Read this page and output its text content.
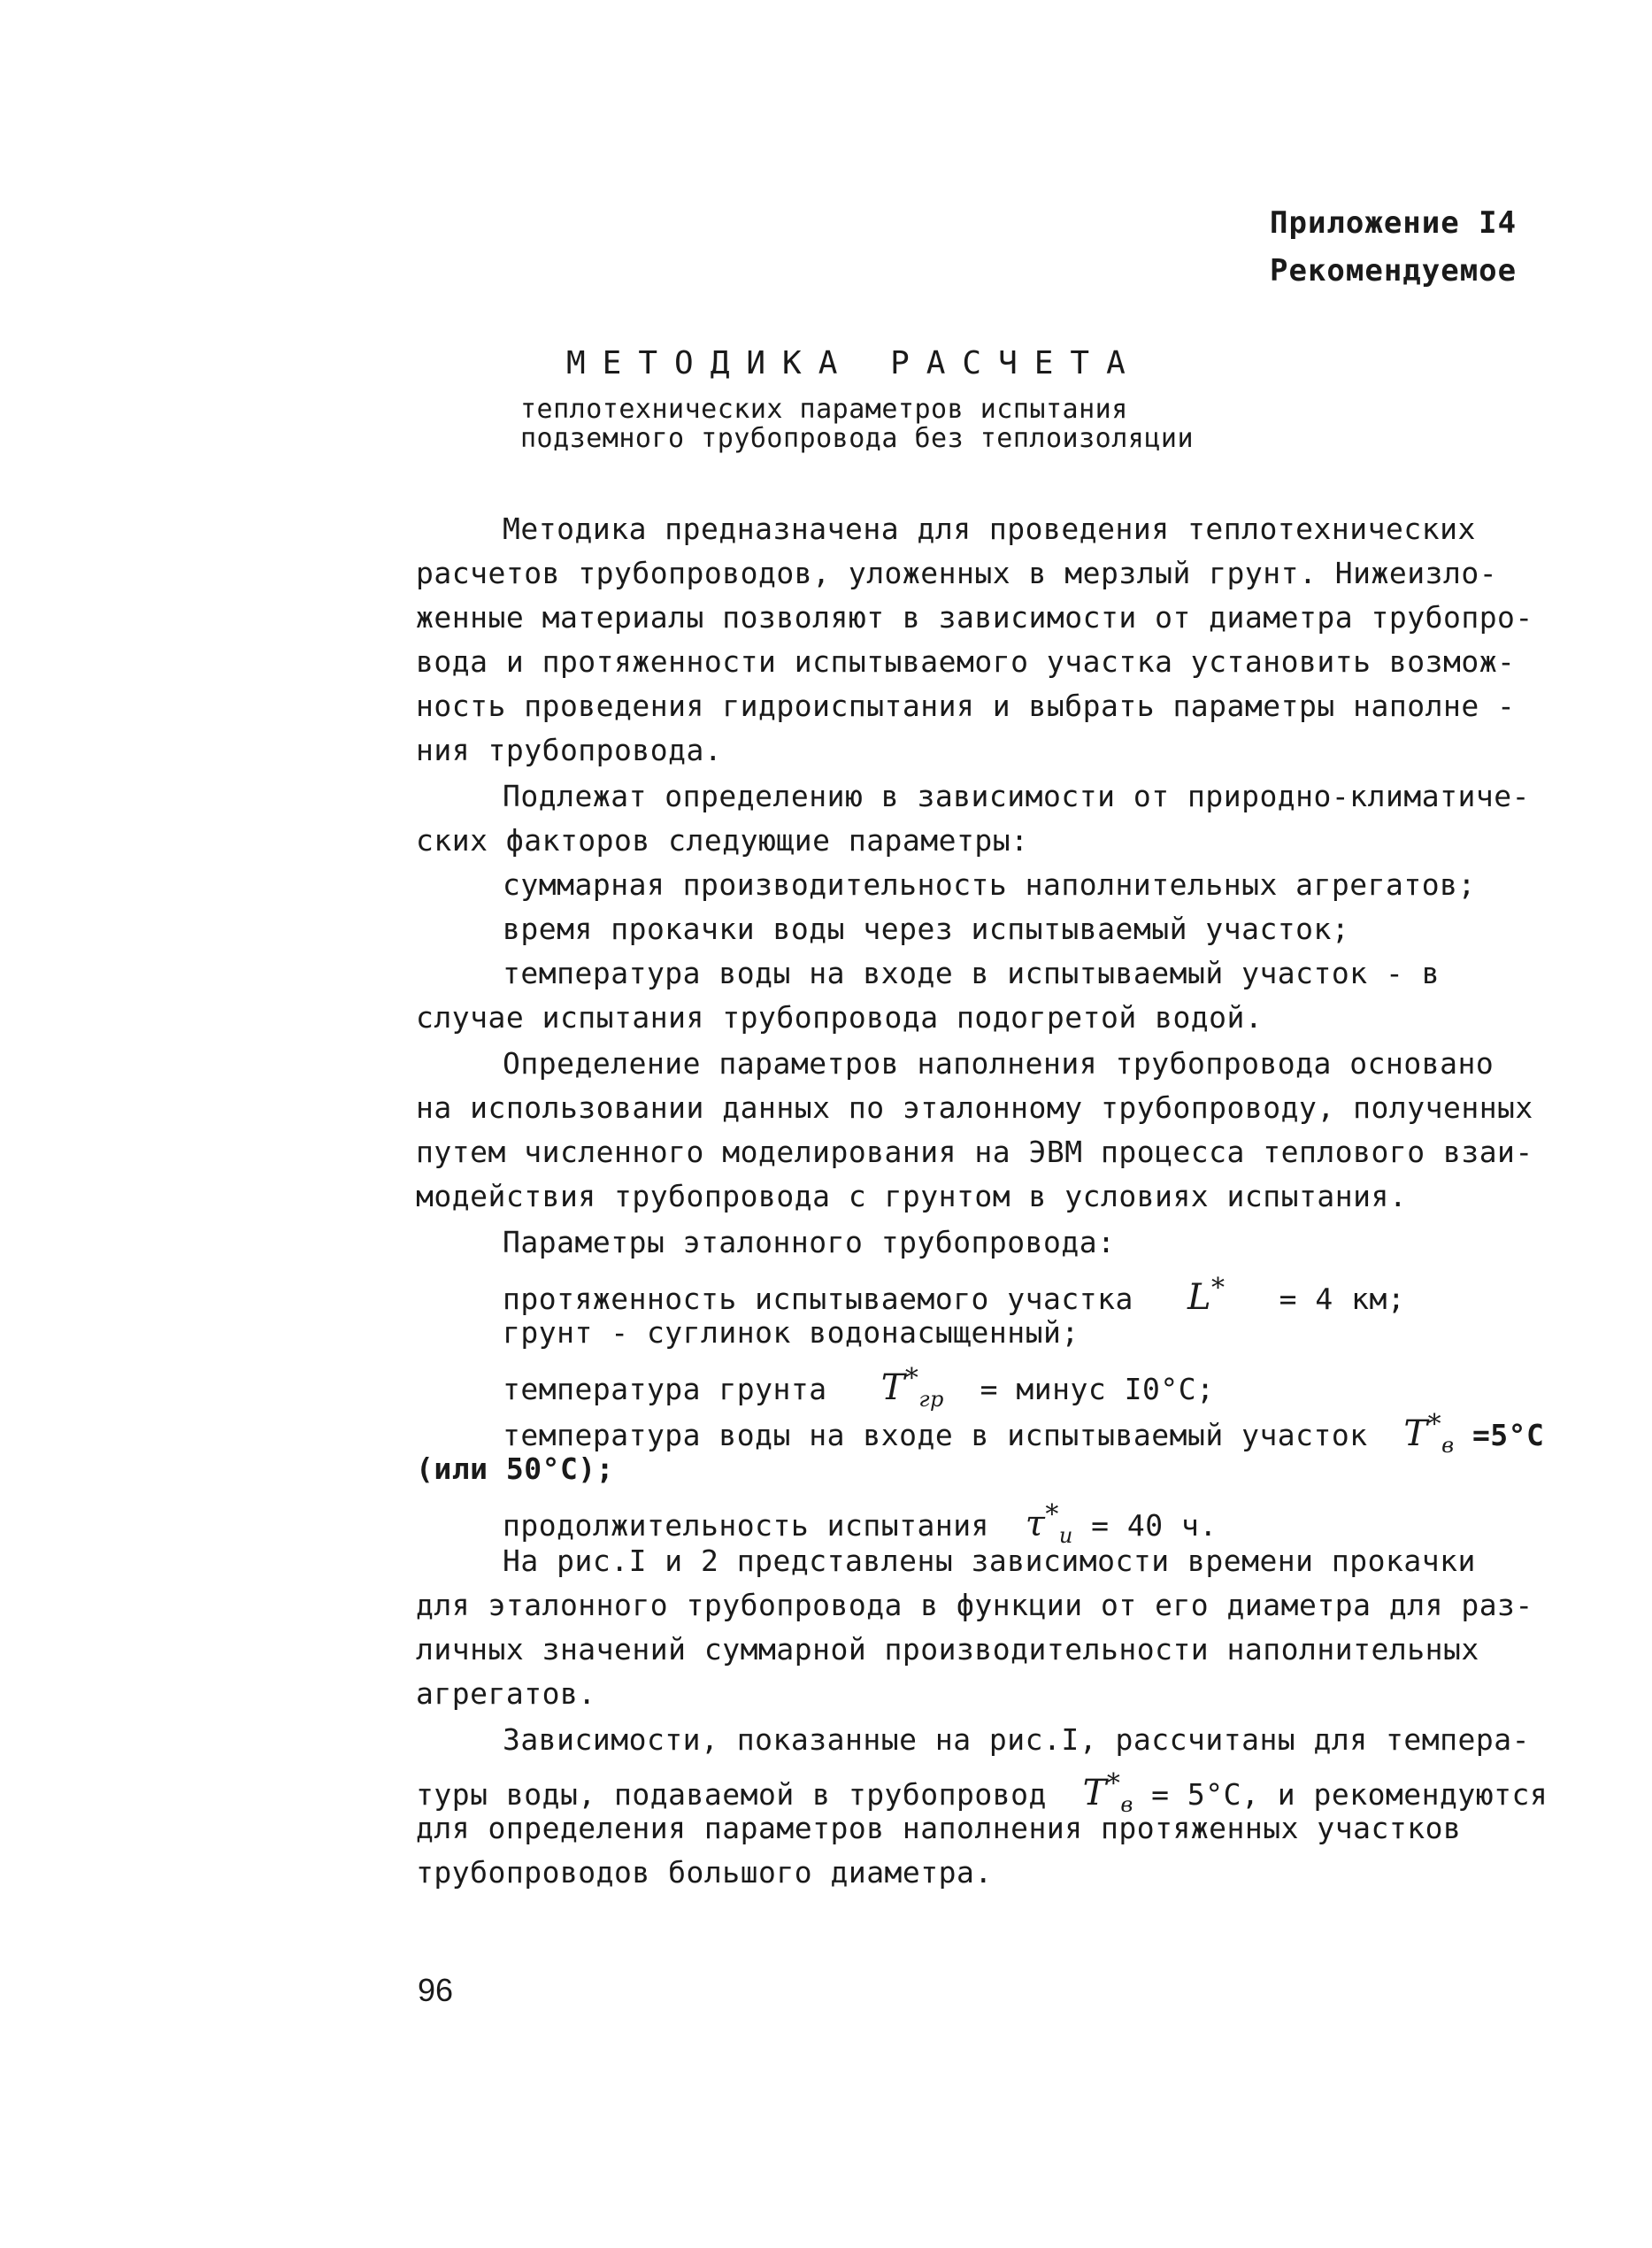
Приложение I4
Рекомендуемое
МЕТОДИКА РАСЧЕТА
теплотехнических параметров испытания
подземного трубопровода без теплоизоляции
Методика предназначена для проведения теплотехнических
расчетов трубопроводов, уложенных в мерзлый грунт. Нижеизло-
женные материалы позволяют в зависимости от диаметра трубопро-
вода и протяженности испытываемого участка установить возмож-
ность проведения гидроиспытания и выбрать параметры наполне -
ния трубопровода.
Подлежат определению в зависимости от природно-климатиче-
ских факторов следующие параметры:
суммарная производительность наполнительных агрегатов;
время прокачки воды через испытываемый участок;
температура воды на входе в испытываемый участок - в
случае испытания трубопровода подогретой водой.
Определение параметров наполнения трубопровода основано
на использовании данных по эталонному трубопроводу, полученных
путем численного моделирования на ЭВМ процесса теплового взаи-
модействия трубопровода с грунтом в условиях испытания.
Параметры эталонного трубопровода:
протяженность испытываемого участка L* = 4 км;
грунт - суглинок водонасыщенный;
температура грунта $T^*_{гр}$ = минус I0°C;
температура воды на входе в испытываемый участок $T^*_в =5^\circ C$
(или 50°C);
продолжительность испытания $\tau^*_и = 40$ ч.
На рис.I и 2 представлены зависимости времени прокачки
для эталонного трубопровода в функции от его диаметра для раз-
личных значений суммарной производительности наполнительных
агрегатов.
Зависимости, показанные на рис.I, рассчитаны для темпера-
туры воды, подаваемой в трубопровод $T^*_в = 5^\circ C$, и рекомендуются
для определения параметров наполнения протяженных участков
трубопроводов большого диаметра.
96
